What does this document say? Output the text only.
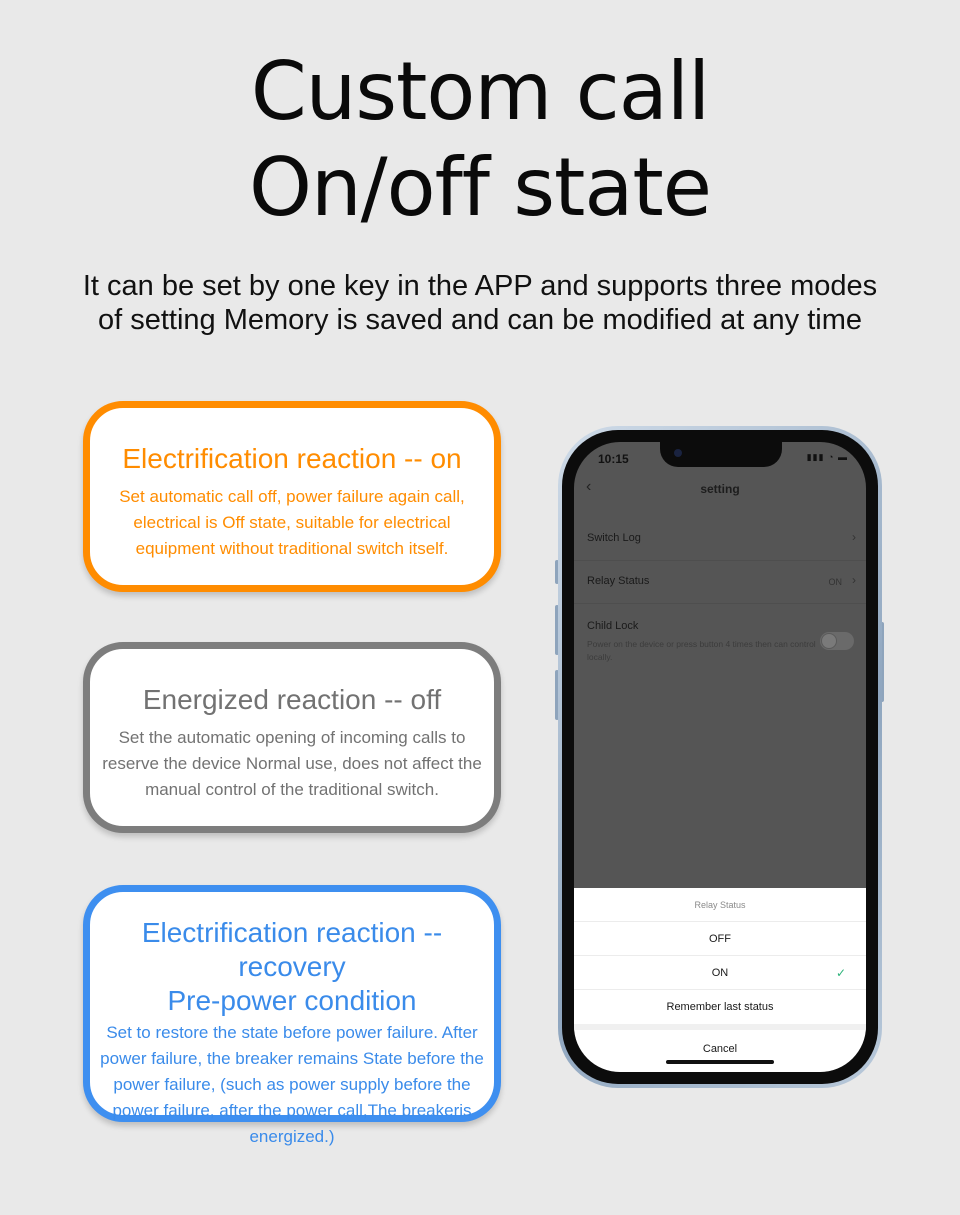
Custom call
On/off state
It can be set by one key in the APP and supports three modes
of setting Memory is saved and can be modified at any time
Electrification reaction -- on
Set automatic call off, power failure again call, electrical is Off state, suitable for electrical equipment without traditional switch itself.
Energized reaction -- off
Set the automatic opening of incoming calls to reserve the device Normal use, does not affect the manual control of the traditional switch.
Electrification reaction -- recovery
Pre-power condition
Set to restore the state before power failure. After power failure, the breaker remains State before the power failure, (such as power supply before the power failure, after the power call,The breakeris energized.)
10:15	▮▮▮ ◔ ▬
‹	setting
Switch Log	›
Relay Status	ON ›
Child Lock
Power on the device or press button 4 times then can control locally.
Relay Status
OFF
ON	✓
Remember last status
Cancel
